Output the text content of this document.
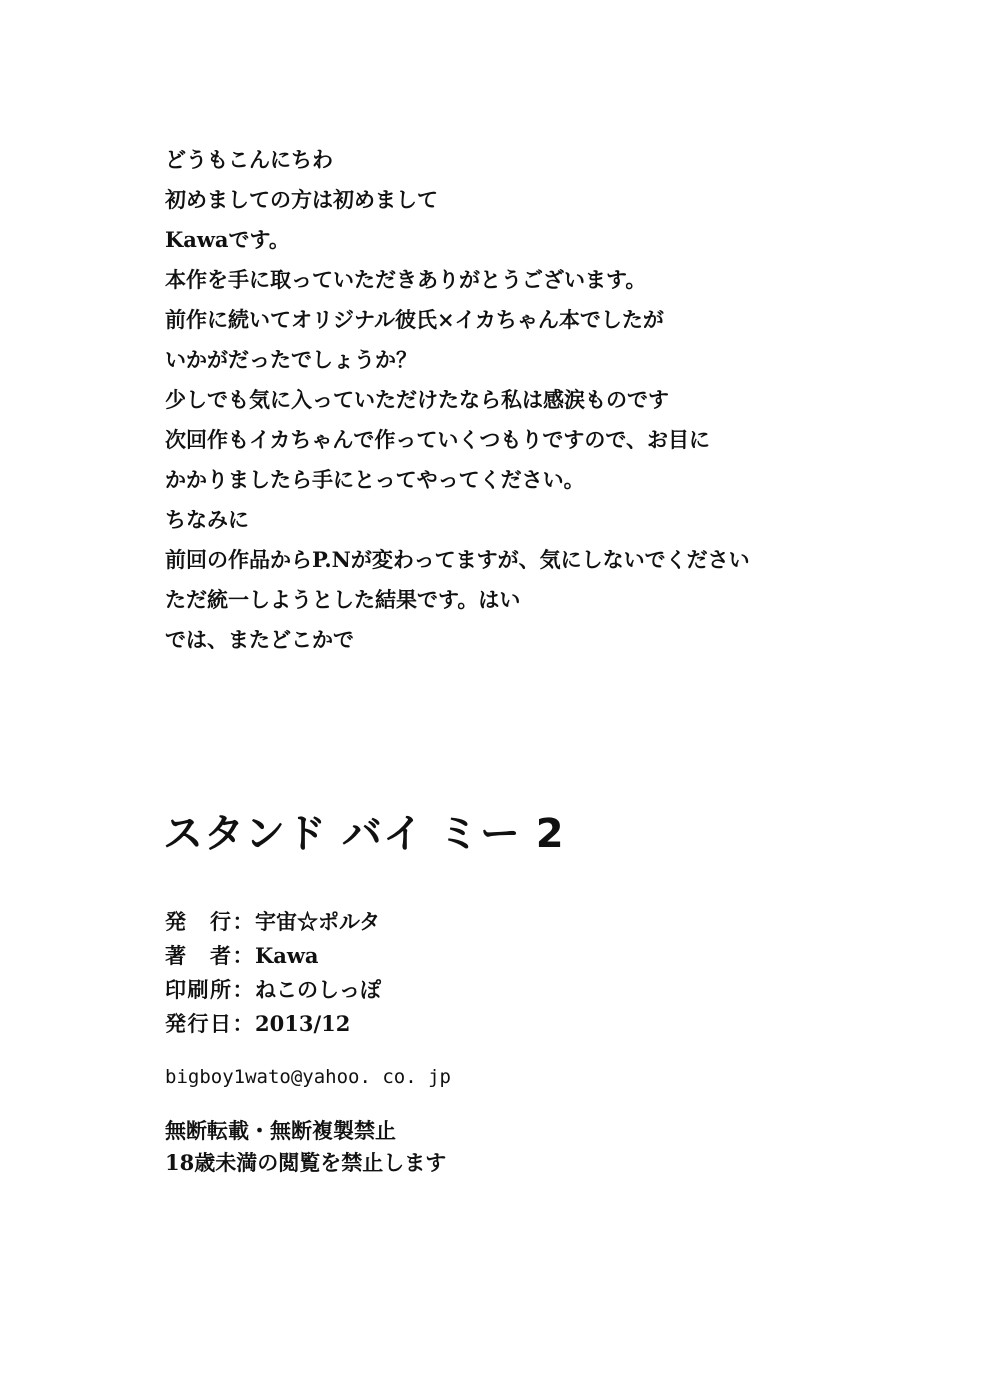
どうもこんにちわ
初めましての方は初めまして
Kawaです。
本作を手に取っていただきありがとうございます。
前作に続いてオリジナル彼氏×イカちゃん本でしたが
いかがだったでしょうか？
少しでも気に入っていただけたなら私は感涙ものです
次回作もイカちゃんで作っていくつもりですので、お目に
かかりましたら手にとってやってください。
ちなみに
前回の作品からP.Nが変わってますが、気にしないでください
ただ統一しようとした結果です。はい
では、またどこかで
スタンド バイ ミー 2
発 行 ： 宇宙☆ポルタ
著 者 ： Kawa
印刷所 ： ねこのしっぽ
発行日 ： 2013/12
bigboy1wato@yahoo. co. jp
無断転載・無断複製禁止
18歳未満の閲覧を禁止します
